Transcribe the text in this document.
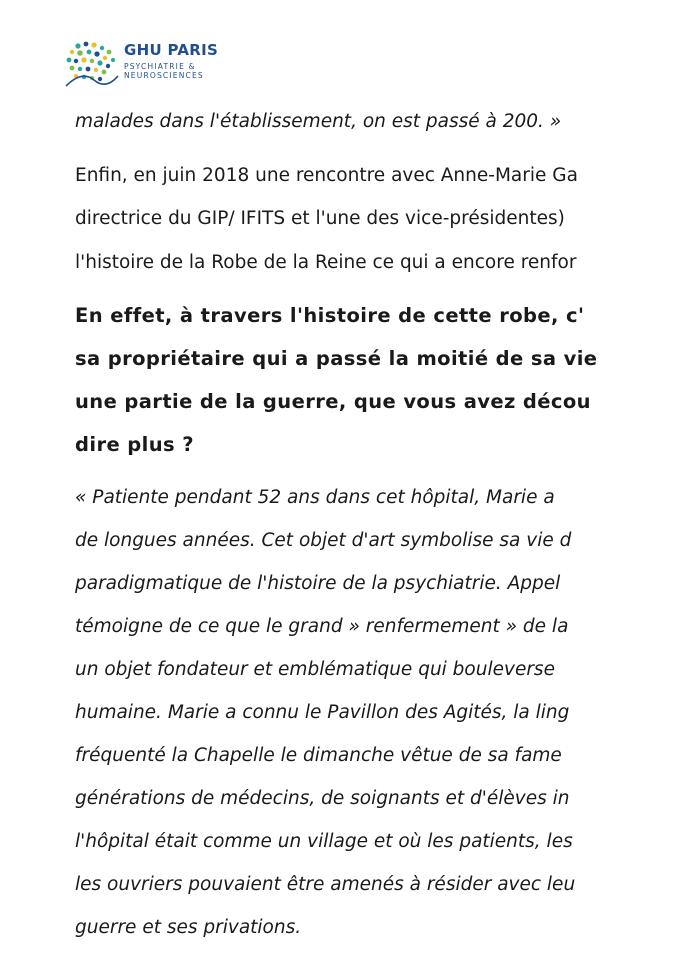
GHU PARIS
PSYCHIATRIE &
NEUROSCIENCES
malades dans l'établissement, on est passé à 200. »
Enfin, en juin 2018 une rencontre avec Anne-Marie Ga
directrice du GIP/ IFITS et l'une des vice-présidentes)
l'histoire de la Robe de la Reine ce qui a encore renfor
En effet, à travers l'histoire de cette robe, c'
sa propriétaire qui a passé la moitié de sa vie
une partie de la guerre, que vous avez décou
dire plus ?
« Patiente pendant 52 ans dans cet hôpital, Marie a
de longues années. Cet objet d'art symbolise sa vie d
paradigmatique de l'histoire de la psychiatrie. Appel
témoigne de ce que le grand » renfermement » de la
un objet fondateur et emblématique qui bouleverse
humaine. Marie a connu le Pavillon des Agités, la ling
fréquenté la Chapelle le dimanche vêtue de sa fame
générations de médecins, de soignants et d'élèves in
l'hôpital était comme un village et où les patients, les
les ouvriers pouvaient être amenés à résider avec leu
guerre et ses privations.
